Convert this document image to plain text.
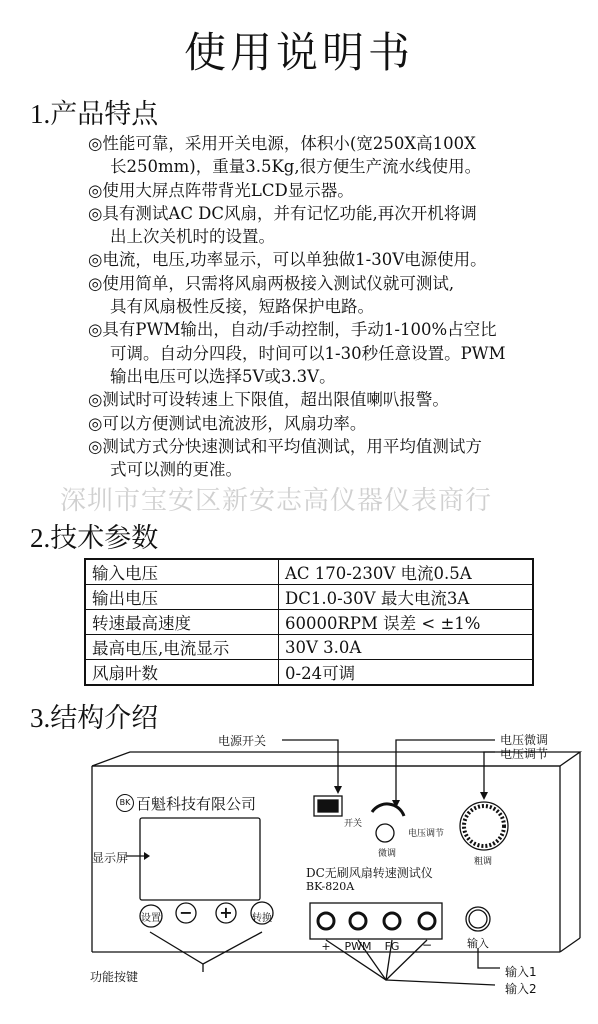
使用说明书
1.产品特点

◎性能可靠，采用开关电源，体积小(宽250X高100X

长250mm)，重量3.5Kg,很方便生产流水线使用。

◎使用大屏点阵带背光LCD显示器。

◎具有测试AC DC风扇，并有记忆功能,再次开机将调

出上次关机时的设置。

◎电流，电压,功率显示，可以单独做1-30V电源使用。

◎使用简单，只需将风扇两极接入测试仪就可测试,

具有风扇极性反接，短路保护电路。

◎具有PWM输出，自动/手动控制，手动1-100%占空比

可调。自动分四段，时间可以1-30秒任意设置。PWM

输出电压可以选择5V或3.3V。

◎测试时可设转速上下限值，超出限值喇叭报警。

◎可以方便测试电流波形，风扇功率。

◎测试方式分快速测试和平均值测试，用平均值测试方

式可以测的更准。

深圳市宝安区新安志高仪器仪表商行
2.技术参数
输入电压	AC 170-230V 电流0.5A
输出电压	DC1.0-30V 最大电流3A
转速最高速度	60000RPM 误差 < ±1%
最高电压,电流显示	30V 3.0A
风扇叶数	0-24可调
3.结构介绍
电源开关	电压微调
电压调节
显示屏
功能按键	输入1
输入2
BK 百魁科技有限公司
开关
微调
电压调节
粗调
DC无刷风扇转速测试仪
BK-820A
设置	−	+	转换
+	PWM	FG	−	输入
